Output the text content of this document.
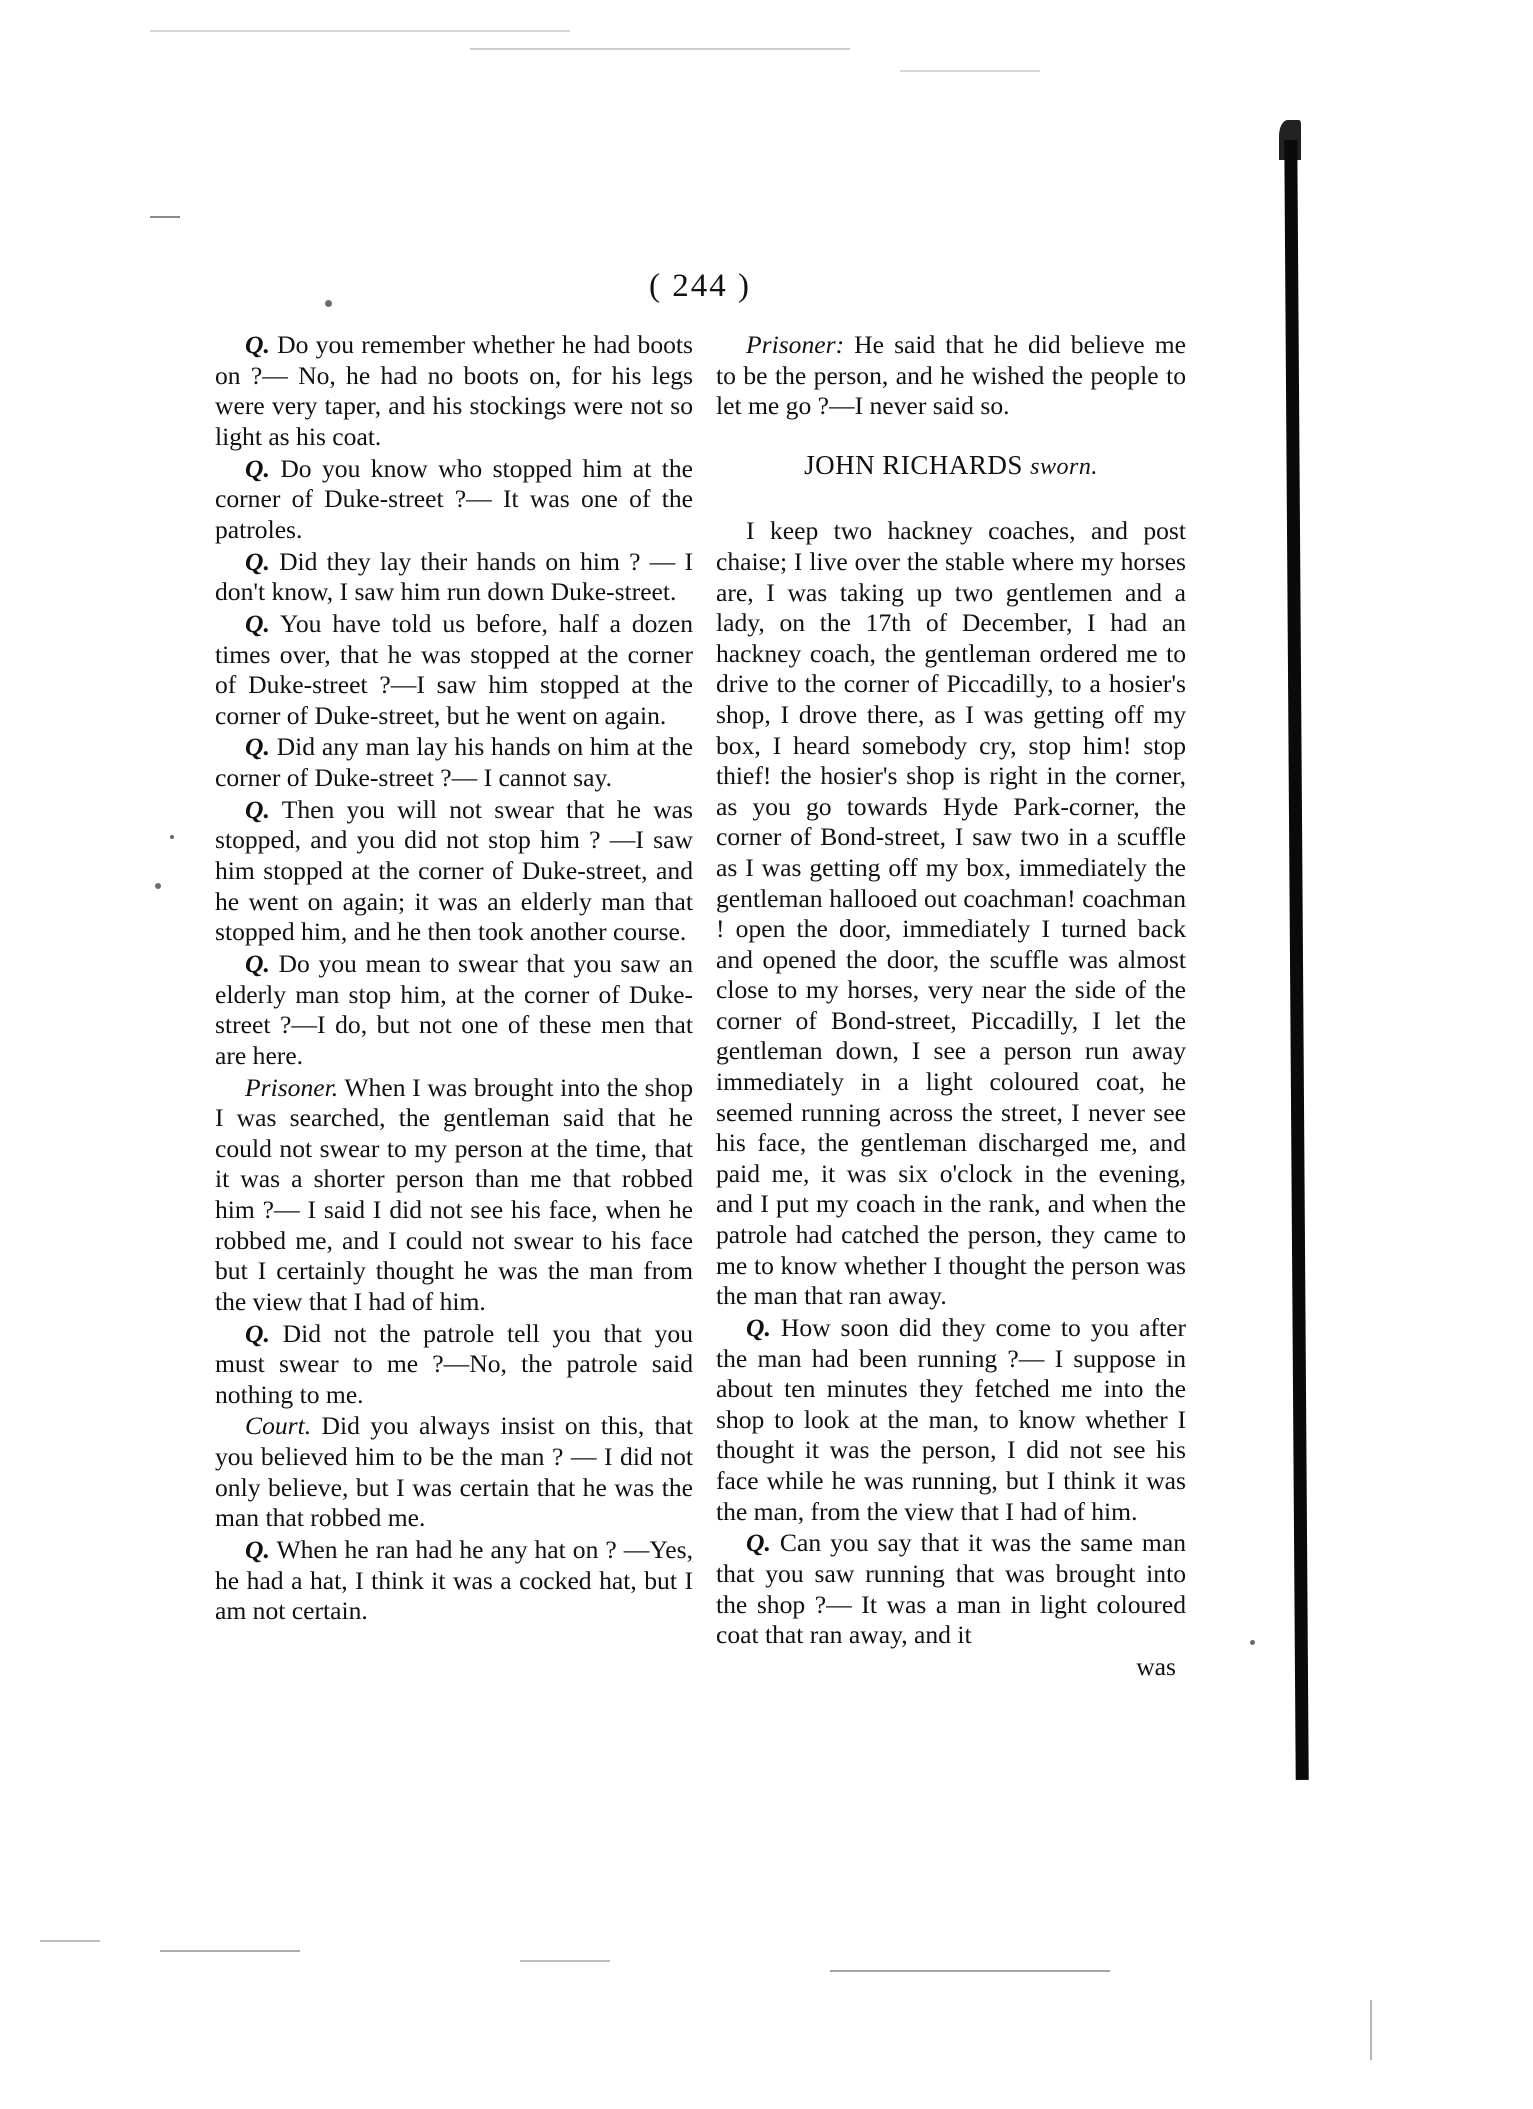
( 244 )

Q. Do you remember whether he had boots on ?— No, he had no boots on, for his legs were very taper, and his stockings were not so light as his coat.

Q. Do you know who stopped him at the corner of Duke-street ?— It was one of the patroles.

Q. Did they lay their hands on him ? — I don't know, I saw him run down Duke-street.

Q. You have told us before, half a dozen times over, that he was stopped at the corner of Duke-street ?—I saw him stopped at the corner of Duke-street, but he went on again.

Q. Did any man lay his hands on him at the corner of Duke-street ?— I cannot say.

Q. Then you will not swear that he was stopped, and you did not stop him ? —I saw him stopped at the corner of Duke-street, and he went on again; it was an elderly man that stopped him, and he then took another course.

Q. Do you mean to swear that you saw an elderly man stop him, at the corner of Duke-street ?—I do, but not one of these men that are here.

Prisoner. When I was brought into the shop I was searched, the gentleman said that he could not swear to my person at the time, that it was a shorter person than me that robbed him ?— I said I did not see his face, when he robbed me, and I could not swear to his face but I certainly thought he was the man from the view that I had of him.

Q. Did not the patrole tell you that you must swear to me ?—No, the patrole said nothing to me.

Court. Did you always insist on this, that you believed him to be the man ? — I did not only believe, but I was certain that he was the man that robbed me.

Q. When he ran had he any hat on ? —Yes, he had a hat, I think it was a cocked hat, but I am not certain.

Prisoner: He said that he did believe me to be the person, and he wished the people to let me go ?—I never said so.

JOHN RICHARDS sworn.

I keep two hackney coaches, and post chaise; I live over the stable where my horses are, I was taking up two gentlemen and a lady, on the 17th of December, I had an hackney coach, the gentleman ordered me to drive to the corner of Piccadilly, to a hosier's shop, I drove there, as I was getting off my box, I heard somebody cry, stop him! stop thief! the hosier's shop is right in the corner, as you go towards Hyde Park-corner, the corner of Bond-street, I saw two in a scuffle as I was getting off my box, immediately the gentleman hallooed out coachman! coachman ! open the door, immediately I turned back and opened the door, the scuffle was almost close to my horses, very near the side of the corner of Bond-street, Piccadilly, I let the gentleman down, I see a person run away immediately in a light coloured coat, he seemed running across the street, I never see his face, the gentleman discharged me, and paid me, it was six o'clock in the evening, and I put my coach in the rank, and when the patrole had catched the person, they came to me to know whether I thought the person was the man that ran away.

Q. How soon did they come to you after the man had been running ?— I suppose in about ten minutes they fetched me into the shop to look at the man, to know whether I thought it was the person, I did not see his face while he was running, but I think it was the man, from the view that I had of him.

Q. Can you say that it was the same man that you saw running that was brought into the shop ?— It was a man in light coloured coat that ran away, and it

was
